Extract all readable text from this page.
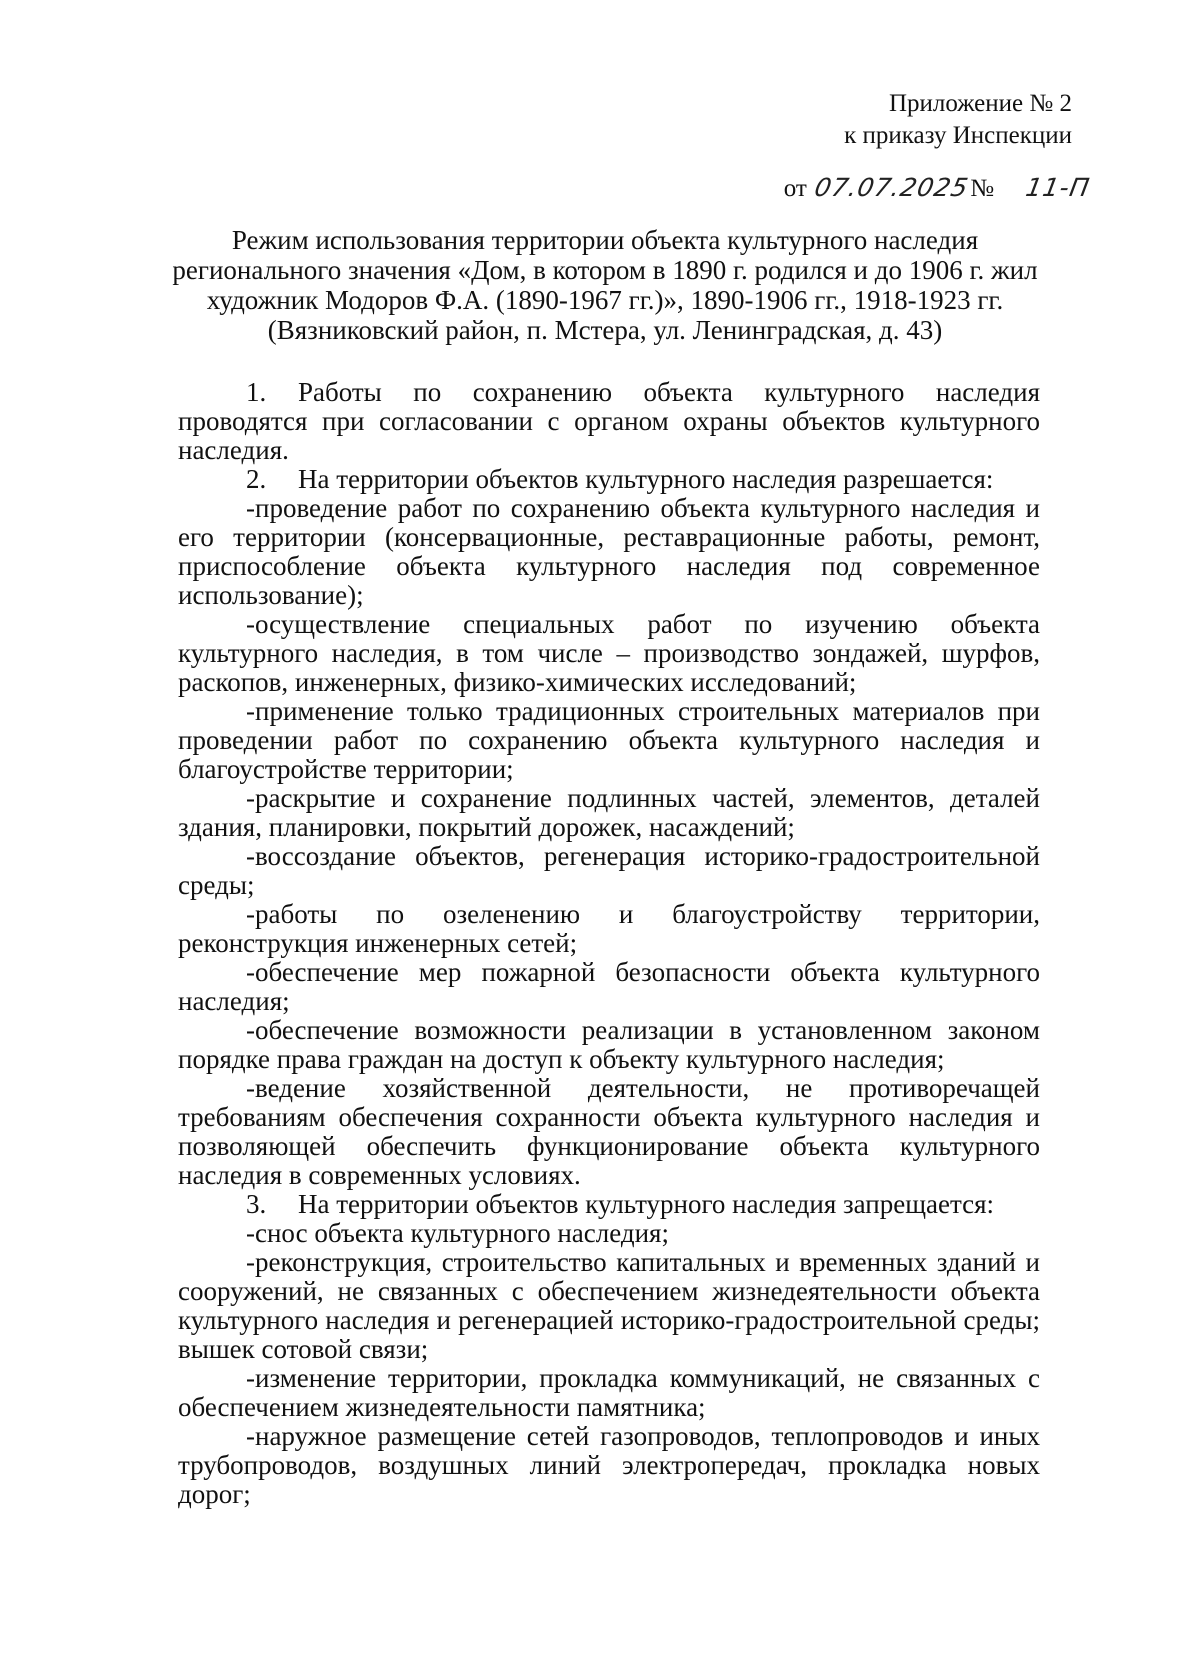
Приложение № 2
к приказу Инспекции
от 07.07.2025№ 11-П
Режим использования территории объекта культурного наследия
регионального значения «Дом, в котором в 1890 г. родился и до 1906 г. жил
художник Модоров Ф.А. (1890-1967 гг.)», 1890-1906 гг., 1918-1923 гг.
(Вязниковский район, п. Мстера, ул. Ленинградская, д. 43)

1. Работы по сохранению объекта культурного наследия проводятся при согласовании с органом охраны объектов культурного наследия.

2. На территории объектов культурного наследия разрешается:

-проведение работ по сохранению объекта культурного наследия и его территории (консервационные, реставрационные работы, ремонт, приспособление объекта культурного наследия под современное использование);

-осуществление специальных работ по изучению объекта культурного наследия, в том числе – производство зондажей, шурфов, раскопов, инженерных, физико-химических исследований;

-применение только традиционных строительных материалов при проведении работ по сохранению объекта культурного наследия и благоустройстве территории;

-раскрытие и сохранение подлинных частей, элементов, деталей здания, планировки, покрытий дорожек, насаждений;

-воссоздание объектов, регенерация историко-градостроительной среды;

-работы по озеленению и благоустройству территории, реконструкция инженерных сетей;

-обеспечение мер пожарной безопасности объекта культурного наследия;

-обеспечение возможности реализации в установленном законом порядке права граждан на доступ к объекту культурного наследия;

-ведение хозяйственной деятельности, не противоречащей требованиям обеспечения сохранности объекта культурного наследия и позволяющей обеспечить функционирование объекта культурного наследия в современных условиях.

3. На территории объектов культурного наследия запрещается:

-снос объекта культурного наследия;

-реконструкция, строительство капитальных и временных зданий и сооружений, не связанных с обеспечением жизнедеятельности объекта культурного наследия и регенерацией историко-градостроительной среды; вышек сотовой связи;

-изменение территории, прокладка коммуникаций, не связанных с обеспечением жизнедеятельности памятника;

-наружное размещение сетей газопроводов, теплопроводов и иных трубопроводов, воздушных линий электропередач, прокладка новых дорог;
